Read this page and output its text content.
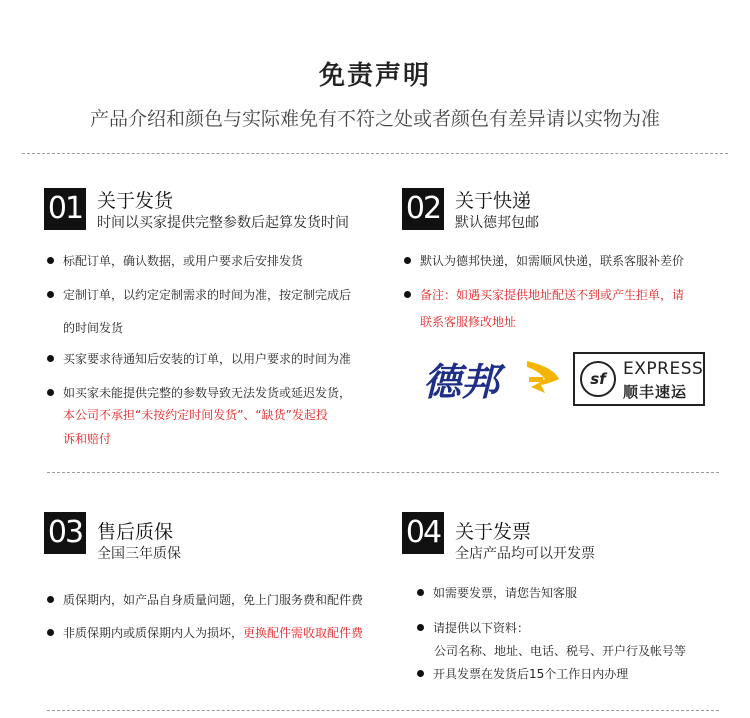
免责声明
产品介绍和颜色与实际难免有不符之处或者颜色有差异请以实物为准
01 关于发货
时间以买家提供完整参数后起算发货时间
标配订单，确认数据，或用户要求后安排发货
定制订单，以约定定制需求的时间为准，按定制完成后
的时间发货
买家要求待通知后安装的订单，以用户要求的时间为准
如买家未能提供完整的参数导致无法发货或延迟发货，
本公司不承担“未按约定时间发货”、“缺货”发起投
诉和赔付
02 关于快递
默认德邦包邮
默认为德邦快递，如需顺风快递，联系客服补差价
备注：如遇买家提供地址配送不到或产生拒单，请
联系客服修改地址
德邦	sf	EXPRESS
顺丰速运
03 售后质保
全国三年质保
质保期内，如产品自身质量问题，免上门服务费和配件费
非质保期内或质保期内人为损坏，更换配件需收取配件费
04 关于发票
全店产品均可以开发票
如需要发票，请您告知客服
请提供以下资料：
公司名称、地址、电话、税号、开户行及帐号等
开具发票在发货后15个工作日内办理
